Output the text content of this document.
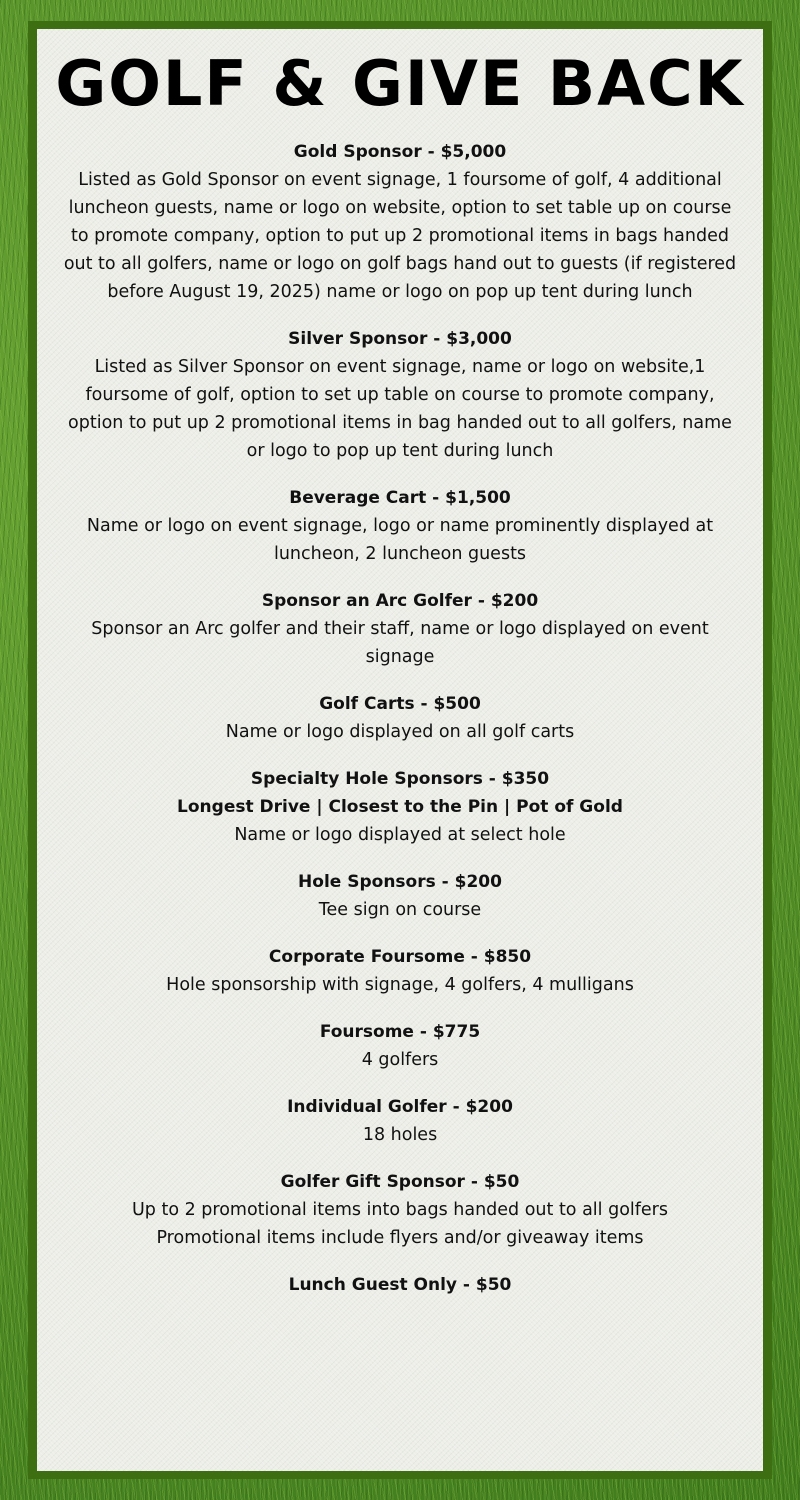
GOLF & GIVE BACK

Gold Sponsor - $5,000

Listed as Gold Sponsor on event signage, 1 foursome of golf, 4 additional luncheon guests, name or logo on website, option to set table up on course to promote company, option to put up 2 promotional items in bags handed out to all golfers, name or logo on golf bags hand out to guests (if registered before August 19, 2025) name or logo on pop up tent during lunch

Silver Sponsor - $3,000

Listed as Silver Sponsor on event signage, name or logo on website,1 foursome of golf, option to set up table on course to promote company, option to put up 2 promotional items in bag handed out to all golfers, name or logo to pop up tent during lunch

Beverage Cart - $1,500

Name or logo on event signage, logo or name prominently displayed at luncheon, 2 luncheon guests

Sponsor an Arc Golfer - $200

Sponsor an Arc golfer and their staff, name or logo displayed on event signage

Golf Carts - $500

Name or logo displayed on all golf carts

Specialty Hole Sponsors - $350

Longest Drive | Closest to the Pin | Pot of Gold

Name or logo displayed at select hole

Hole Sponsors - $200

Tee sign on course

Corporate Foursome - $850

Hole sponsorship with signage, 4 golfers, 4 mulligans

Foursome - $775

4 golfers

Individual Golfer - $200

18 holes

Golfer Gift Sponsor - $50

Up to 2 promotional items into bags handed out to all golfers

Promotional items include flyers and/or giveaway items

Lunch Guest Only - $50
